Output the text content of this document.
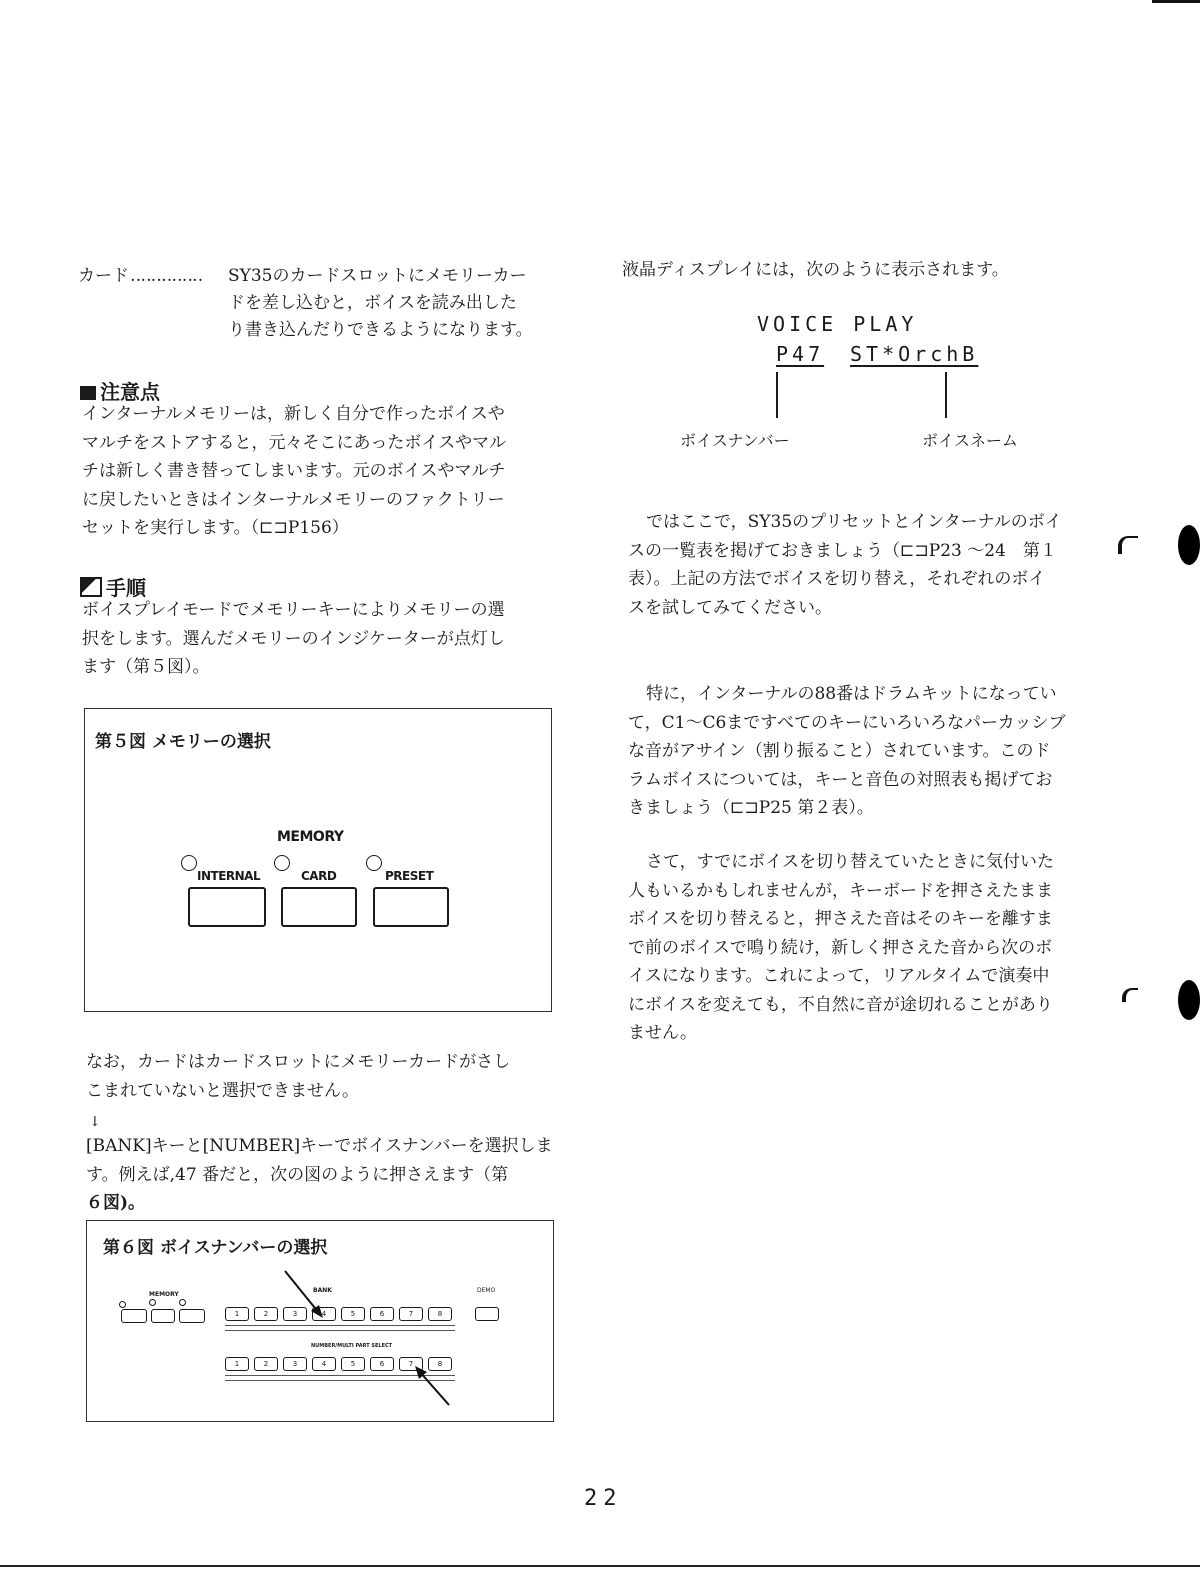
カード ‥‥‥‥‥‥‥ SY35のカードスロットにメモリーカー
ドを差し込むと，ボイスを読み出した
り書き込んだりできるようになります。
注意点
インターナルメモリーは，新しく自分で作ったボイスや
マルチをストアすると，元々そこにあったボイスやマル
チは新しく書き替ってしまいます。元のボイスやマルチ
に戻したいときはインターナルメモリーのファクトリー
セットを実行します。（⊏⊐P156）
手順
ボイスプレイモードでメモリーキーによりメモリーの選
択をします。選んだメモリーのインジケーターが点灯し
ます（第５図）。
第５図 メモリーの選択
MEMORY
INTERNAL	CARD	PRESET
なお，カードはカードスロットにメモリーカードがさし
こまれていないと選択できません。
↓
[BANK]キーと[NUMBER]キーでボイスナンバーを選択しま
す。例えば,47 番だと，次の図のように押さえます（第
６図)。
第６図 ボイスナンバーの選択
MEMORY
BANK	DEMO
NUMBER/MULTI PART SELECT
1	2	3	4	5	6	7	8
1	2	3	4	5	6	7	8
液晶ディスプレイには，次のように表示されます。
VOICE PLAY
P47 ST*OrchB
ボイスナンバー	ボイスネーム
ではここで，SY35のプリセットとインターナルのボイ
スの一覧表を掲げておきましょう（⊏⊐P23 ～24　第１
表）。上記の方法でボイスを切り替え，それぞれのボイ
スを試してみてください。
特に，インターナルの88番はドラムキットになってい
て，C1～C6まですべてのキーにいろいろなパーカッシブ
な音がアサイン（割り振ること）されています。このド
ラムボイスについては，キーと音色の対照表も掲げてお
きましょう（⊏⊐P25 第２表）。
さて，すでにボイスを切り替えていたときに気付いた
人もいるかもしれませんが，キーボードを押さえたまま
ボイスを切り替えると，押さえた音はそのキーを離すま
で前のボイスで鳴り続け，新しく押さえた音から次のボ
イスになります。これによって，リアルタイムで演奏中
にボイスを変えても，不自然に音が途切れることがあり
ません。
22
